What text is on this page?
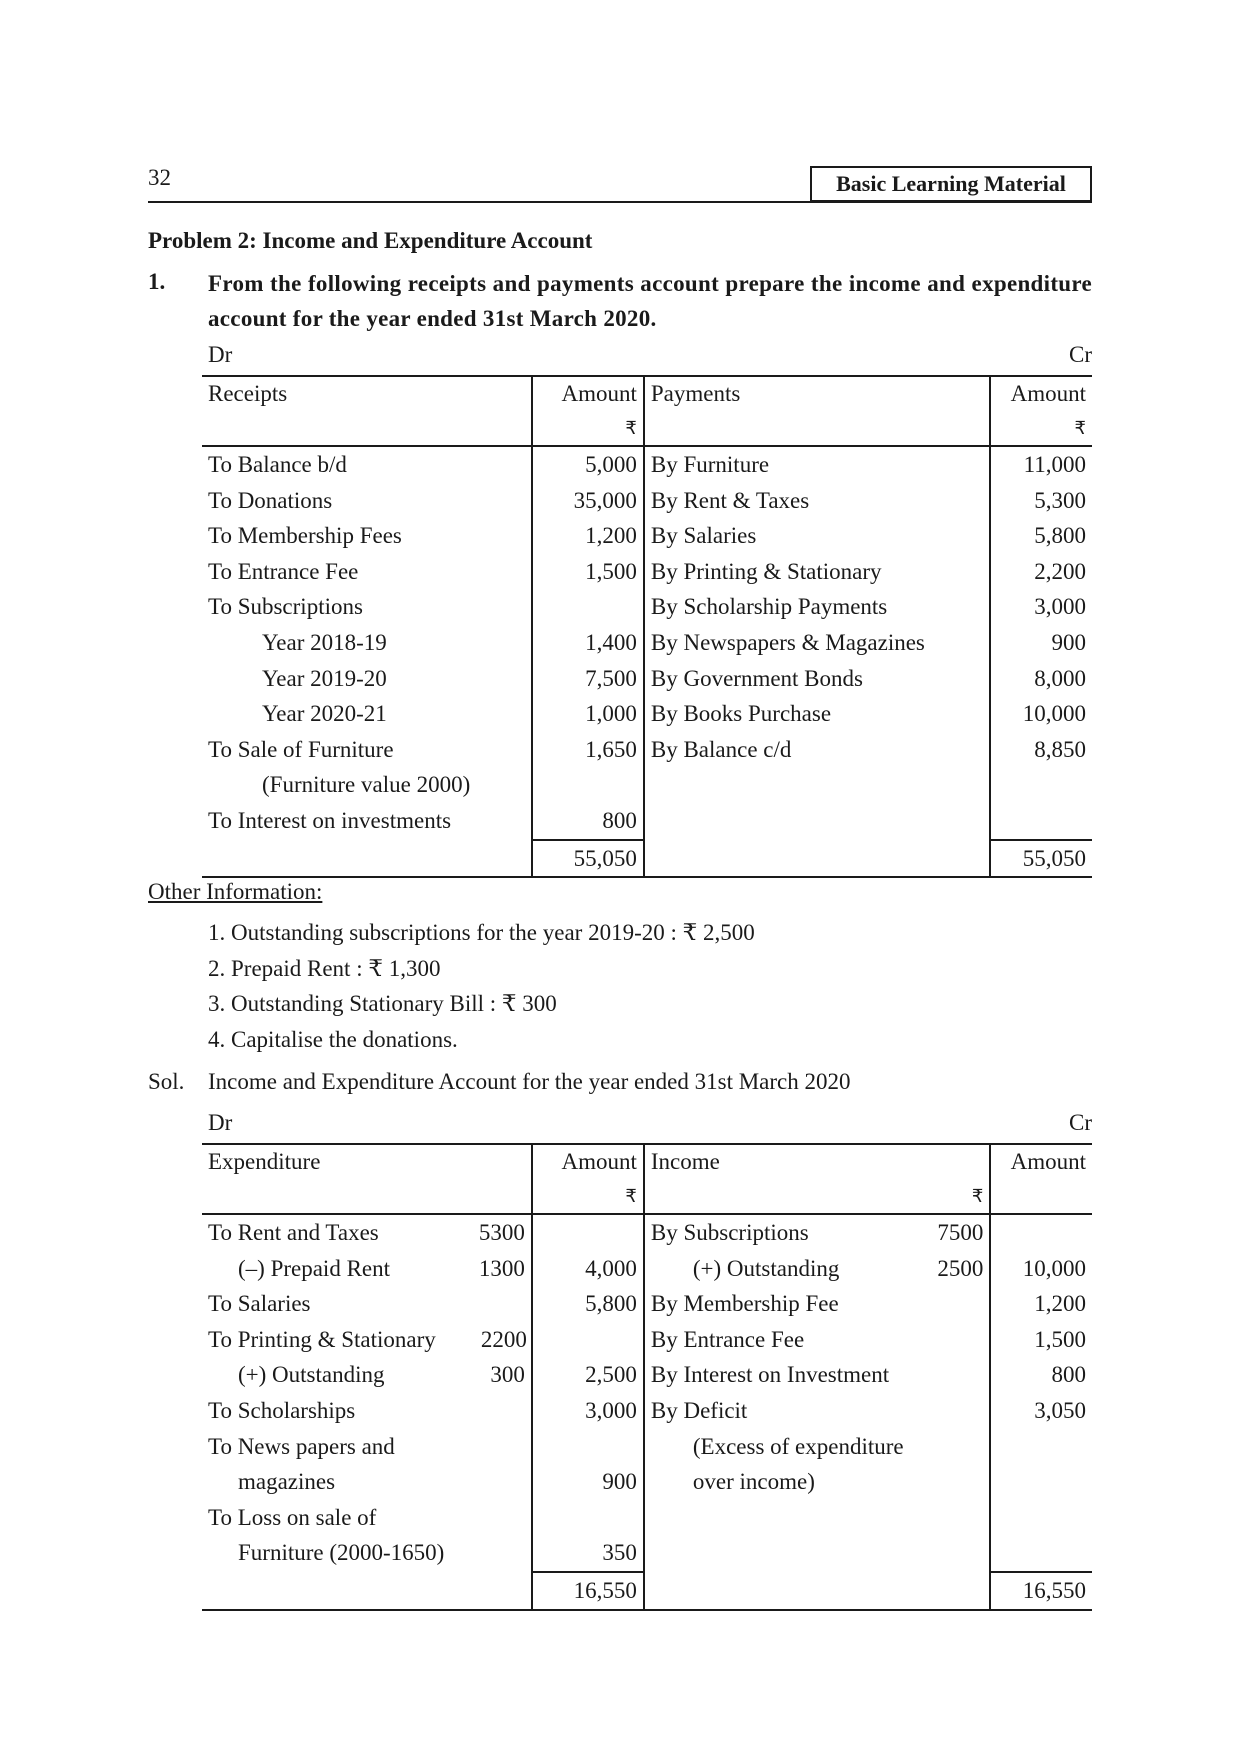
32	Basic Learning Material
Problem 2: Income and Expenditure Account
1. From the following receipts and payments account prepare the income and expenditure account for the year ended 31st March 2020.
Dr	Cr
Receipts	Amount	Payments	Amount
	₹		₹
To Balance b/d	5,000	By Furniture	11,000
To Donations	35,000	By Rent & Taxes	5,300
To Membership Fees	1,200	By Salaries	5,800
To Entrance Fee	1,500	By Printing & Stationary	2,200
To Subscriptions		By Scholarship Payments	3,000
Year 2018-19	1,400	By Newspapers & Magazines	900
Year 2019-20	7,500	By Government Bonds	8,000
Year 2020-21	1,000	By Books Purchase	10,000
To Sale of Furniture	1,650	By Balance c/d	8,850
(Furniture value 2000)			
To Interest on investments	800		
	55,050		55,050
Other Information:
1. Outstanding subscriptions for the year 2019-20 : ₹ 2,500
2. Prepaid Rent : ₹ 1,300
3. Outstanding Stationary Bill : ₹ 300
4. Capitalise the donations.
Sol. Income and Expenditure Account for the year ended 31st March 2020
Dr	Cr
Expenditure	Amount	Income	Amount
	₹	₹	

To Rent and Taxes 5300		By Subscriptions 7500	

(–) Prepaid Rent 1300	4,000	(+) Outstanding 2500	10,000

To Salaries	5,800	By Membership Fee	1,200

To Printing & Stationary 2200		By Entrance Fee	1,500

(+) Outstanding 300	2,500	By Interest on Investment	800

To Scholarships	3,000	By Deficit	3,050

To News papers and		(Excess of expenditure	

magazines	900	over income)	

To Loss on sale of			

Furniture (2000-1650)	350	

	16,550		16,550
